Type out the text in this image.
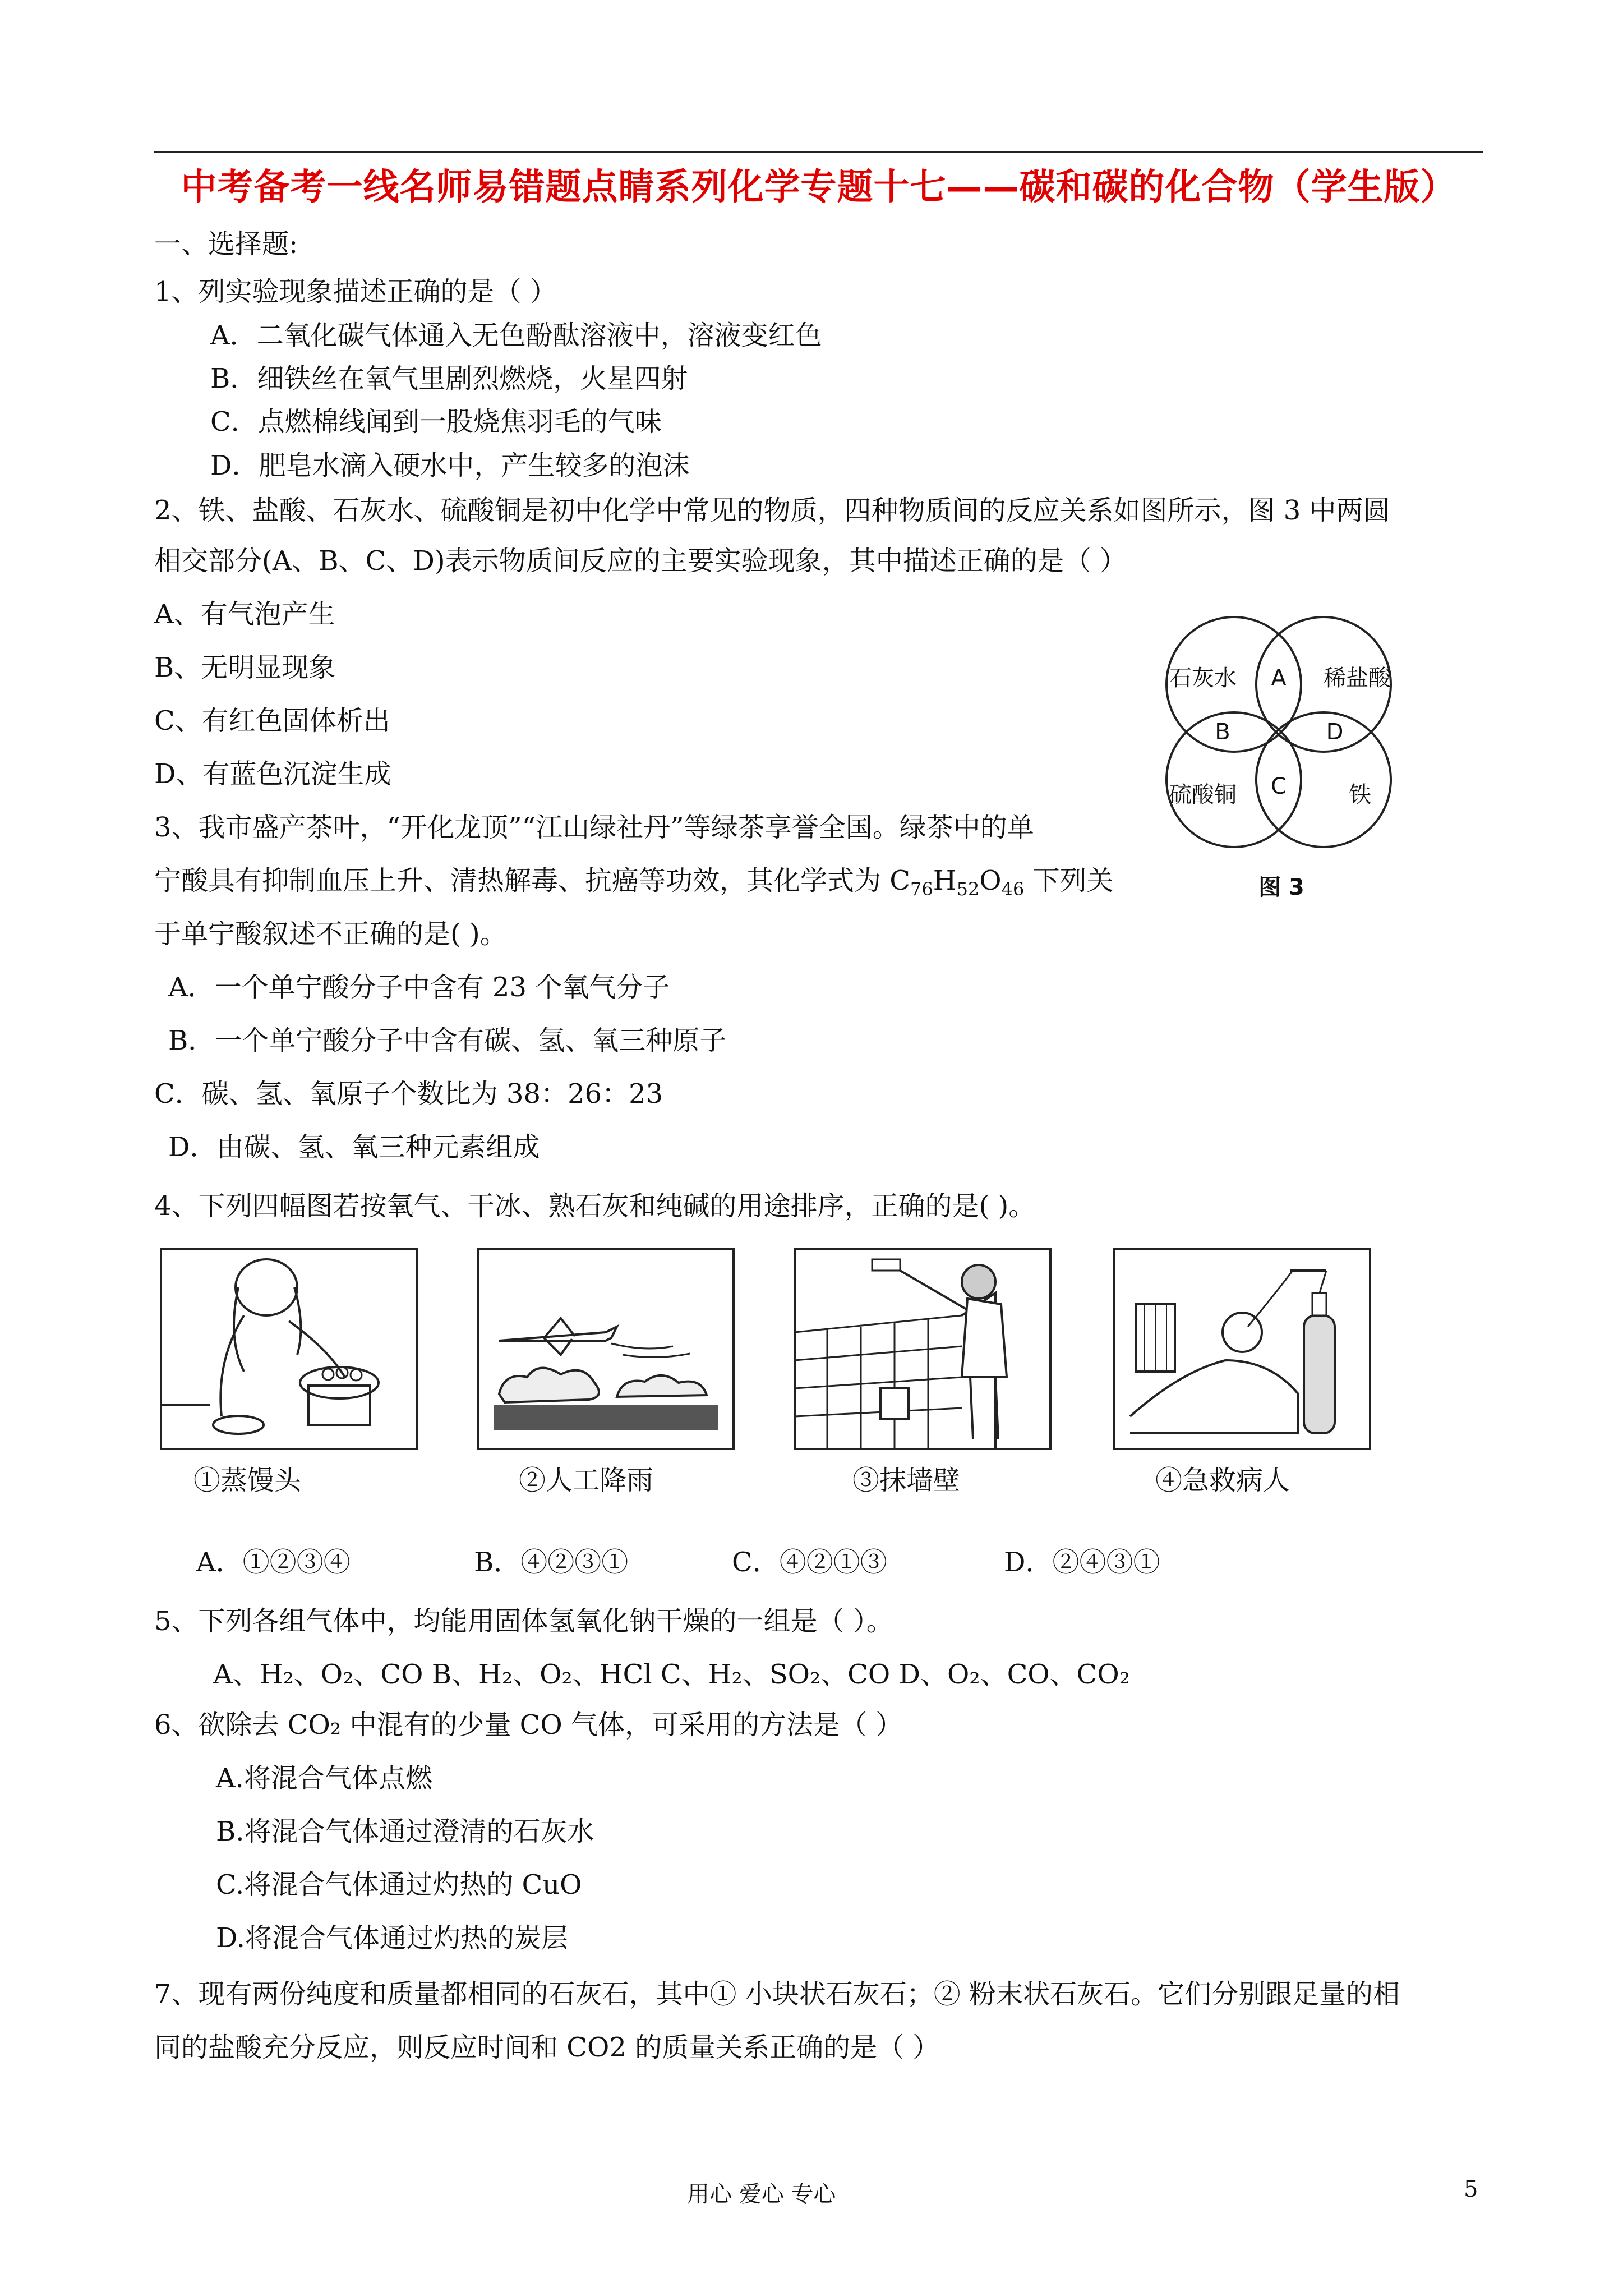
中考备考一线名师易错题点睛系列化学专题十七——碳和碳的化合物（学生版）
一、选择题:
1、列实验现象描述正确的是（ ）
A．二氧化碳气体通入无色酚酞溶液中，溶液变红色
B．细铁丝在氧气里剧烈燃烧，火星四射
C．点燃棉线闻到一股烧焦羽毛的气味
D．肥皂水滴入硬水中，产生较多的泡沫
2、铁、盐酸、石灰水、硫酸铜是初中化学中常见的物质，四种物质间的反应关系如图所示，图 3 中两圆
相交部分(A、B、C、D)表示物质间反应的主要实验现象，其中描述正确的是（ ）
A、有气泡产生
B、无明显现象
C、有红色固体析出
D、有蓝色沉淀生成
石灰水	稀盐酸
硫酸铜	铁
A
B
C
D
图 3
3、我市盛产茶叶，“开化龙顶”“江山绿社丹”等绿茶享誉全国。绿茶中的单
宁酸具有抑制血压上升、清热解毒、抗癌等功效，其化学式为 $C_{76}H_{52}O_{46}$ 下列关
于单宁酸叙述不正确的是( )。
A．一个单宁酸分子中含有 23 个氧气分子
B．一个单宁酸分子中含有碳、氢、氧三种原子
C．碳、氢、氧原子个数比为 38：26：23
D．由碳、氢、氧三种元素组成
4、下列四幅图若按氧气、干冰、熟石灰和纯碱的用途排序，正确的是( )。
①蒸馒头	②人工降雨	③抹墙壁	④急救病人
A．①②③④	B．④②③①	C．④②①③	D．②④③①
5、下列各组气体中，均能用固体氢氧化钠干燥的一组是（ ）。
A、H₂、O₂、CO B、H₂、O₂、HCl C、H₂、SO₂、CO D、O₂、CO、CO₂
6、欲除去 CO₂ 中混有的少量 CO 气体，可采用的方法是（ ）
A.将混合气体点燃
B.将混合气体通过澄清的石灰水
C.将混合气体通过灼热的 CuO
D.将混合气体通过灼热的炭层
7、现有两份纯度和质量都相同的石灰石，其中① 小块状石灰石；② 粉末状石灰石。它们分别跟足量的相
同的盐酸充分反应，则反应时间和 CO2 的质量关系正确的是（ ）
用心 爱心 专心	5
